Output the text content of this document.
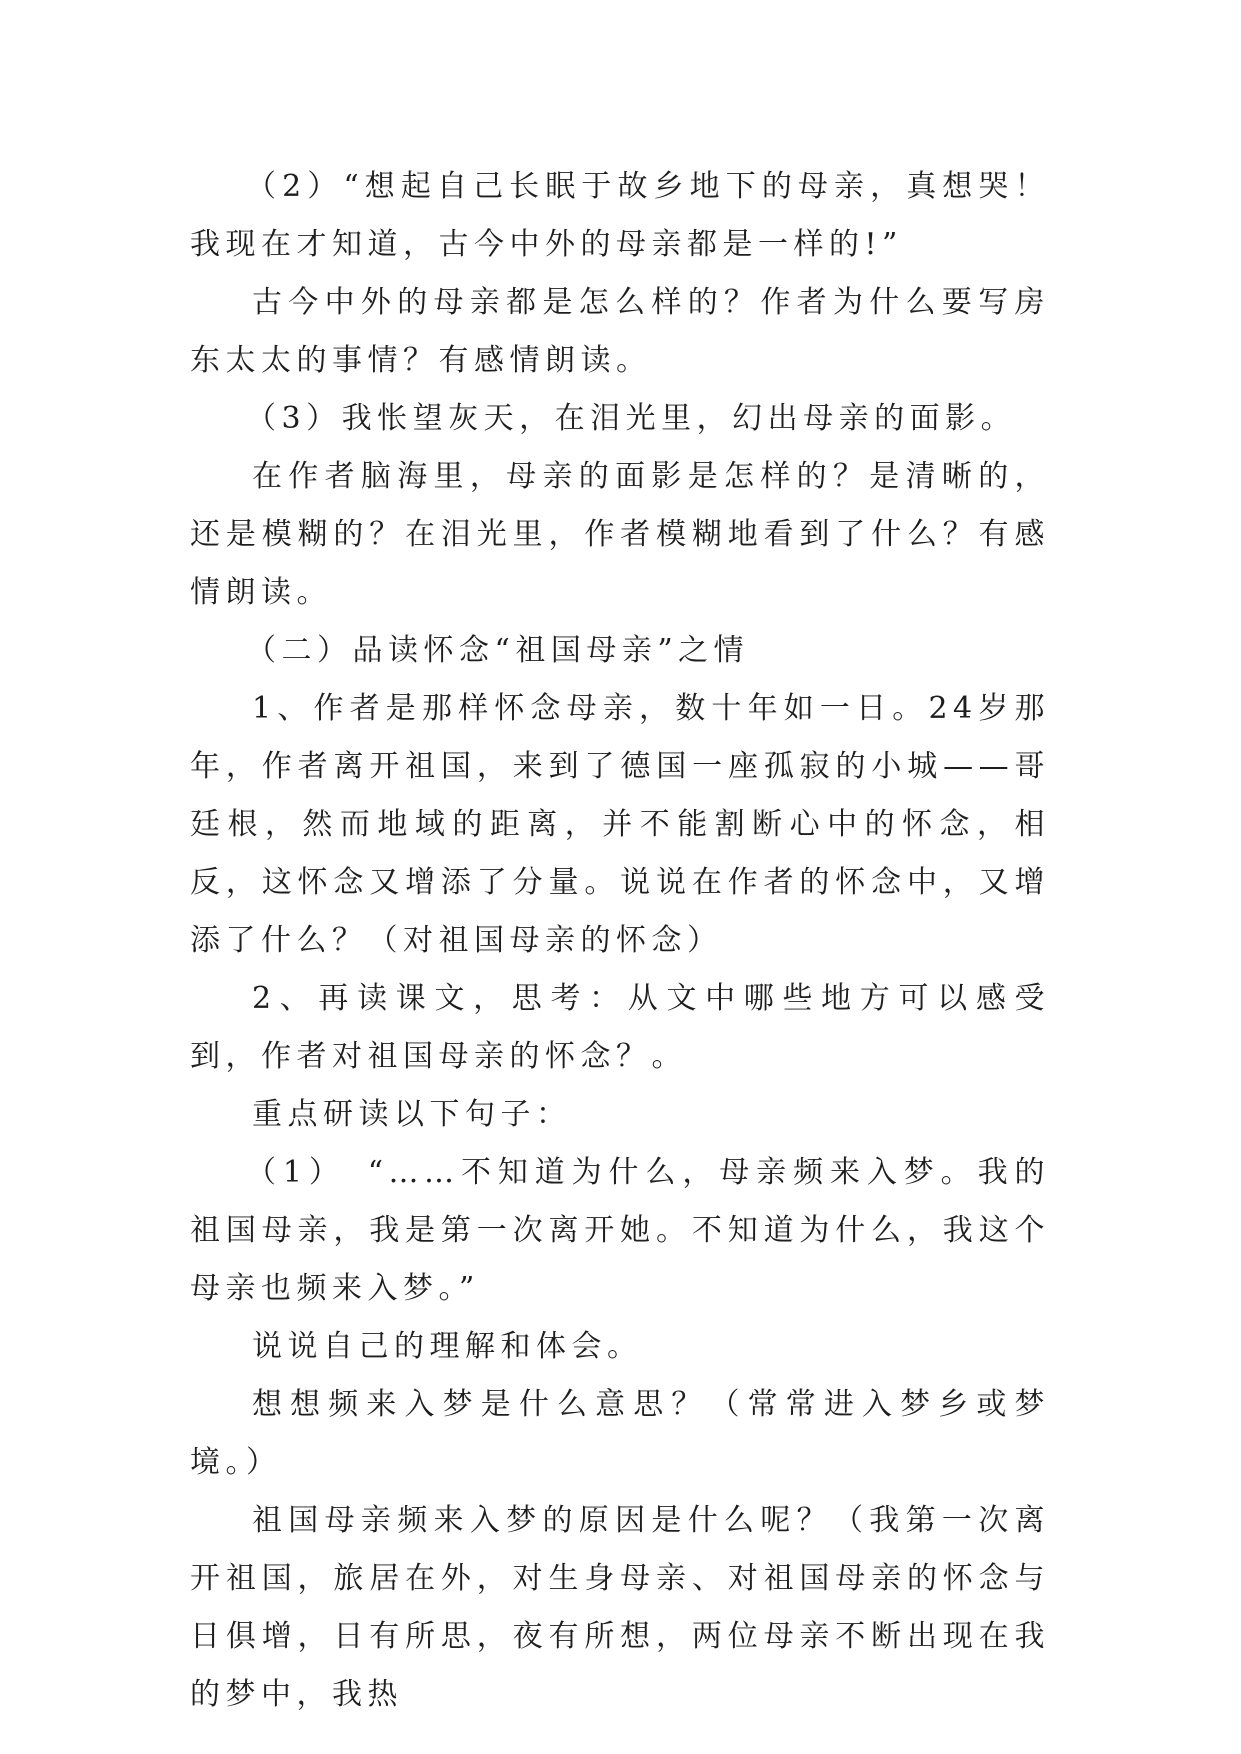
（2）“想起自己长眠于故乡地下的母亲，真想哭！我现在才知道，古今中外的母亲都是一样的!”

古今中外的母亲都是怎么样的？作者为什么要写房东太太的事情？有感情朗读。

（3）我怅望灰天，在泪光里，幻出母亲的面影。

在作者脑海里，母亲的面影是怎样的？是清晰的，还是模糊的？在泪光里，作者模糊地看到了什么？有感情朗读。

（二）品读怀念“祖国母亲”之情

1、作者是那样怀念母亲，数十年如一日。24岁那年，作者离开祖国，来到了德国一座孤寂的小城——哥廷根，然而地域的距离，并不能割断心中的怀念，相反，这怀念又增添了分量。说说在作者的怀念中，又增添了什么？（对祖国母亲的怀念）

2、再读课文，思考：从文中哪些地方可以感受到，作者对祖国母亲的怀念？。

重点研读以下句子：

（1）　“……不知道为什么，母亲频来入梦。我的祖国母亲，我是第一次离开她。不知道为什么，我这个母亲也频来入梦。”

说说自己的理解和体会。

想想频来入梦是什么意思？（常常进入梦乡或梦境。）

祖国母亲频来入梦的原因是什么呢？（我第一次离开祖国，旅居在外，对生身母亲、对祖国母亲的怀念与日俱增，日有所思，夜有所想，两位母亲不断出现在我的梦中，我热
